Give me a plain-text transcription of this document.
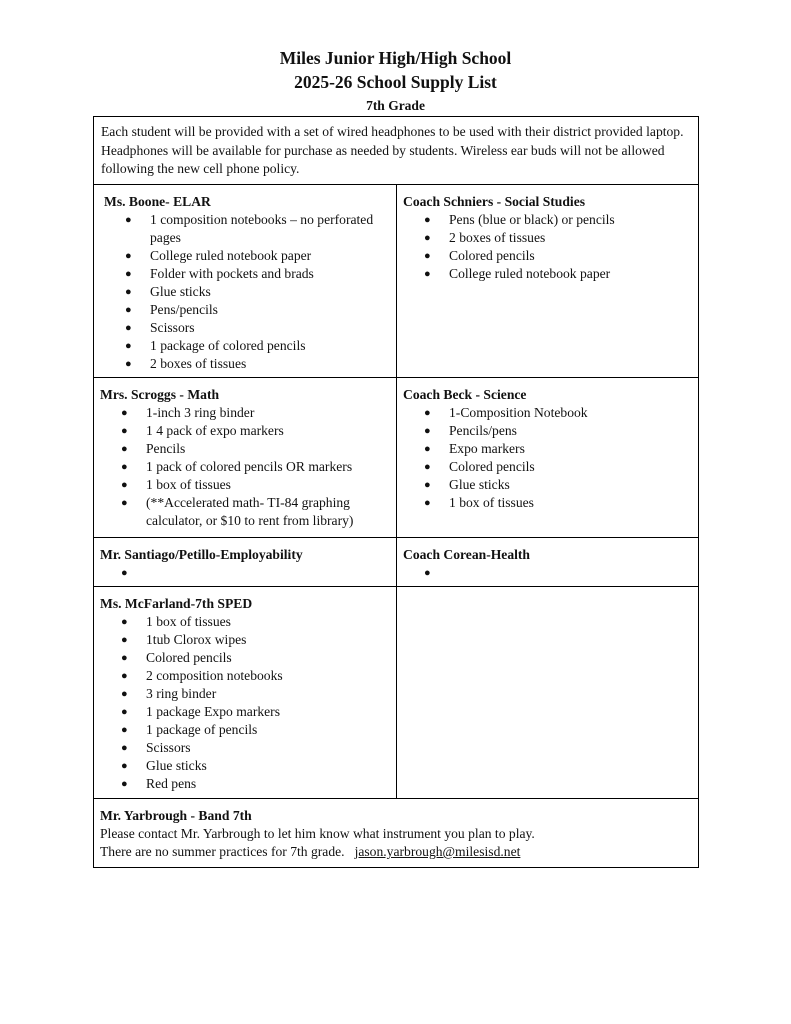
Miles Junior High/High School
2025-26 School Supply List
7th Grade
Each student will be provided with a set of wired headphones to be used with their district provided laptop. Headphones will be available for purchase as needed by students. Wireless ear buds will not be allowed following the new cell phone policy.
Ms. Boone- ELAR
● 1 composition notebooks – no perforated pages
● College ruled notebook paper
● Folder with pockets and brads
● Glue sticks
● Pens/pencils
● Scissors
● 1 package of colored pencils
● 2 boxes of tissues
Coach Schniers - Social Studies
● Pens (blue or black) or pencils
● 2 boxes of tissues
● Colored pencils
● College ruled notebook paper
Mrs. Scroggs - Math
● 1-inch 3 ring binder
● 1 4 pack of expo markers
● Pencils
● 1 pack of colored pencils OR markers
● 1 box of tissues
● (**Accelerated math- TI-84 graphing calculator, or $10 to rent from library)
Coach Beck - Science
● 1-Composition Notebook
● Pencils/pens
● Expo markers
● Colored pencils
● Glue sticks
● 1 box of tissues
Mr. Santiago/Petillo-Employability
●
Coach Corean-Health
●
Ms. McFarland-7th SPED
● 1 box of tissues
● 1tub Clorox wipes
● Colored pencils
● 2 composition notebooks
● 3 ring binder
● 1 package Expo markers
● 1 package of pencils
● Scissors
● Glue sticks
● Red pens
Mr. Yarbrough - Band 7th
Please contact Mr. Yarbrough to let him know what instrument you plan to play.
There are no summer practices for 7th grade. jason.yarbrough@milesisd.net
